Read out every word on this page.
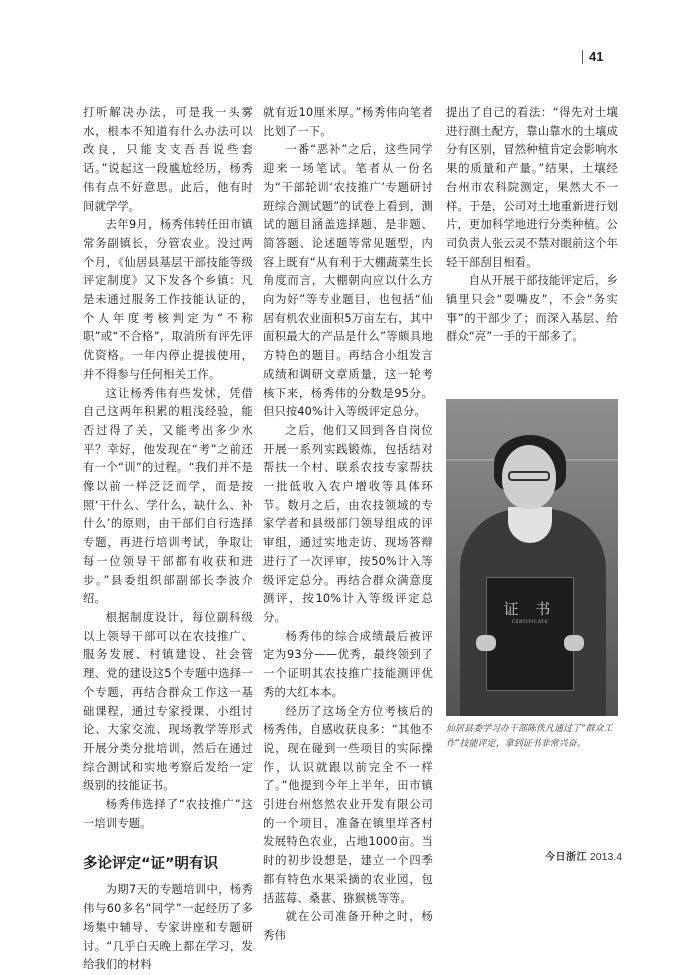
41

打听解决办法，可是我一头雾水，根本不知道有什么办法可以改良，只能支支吾吾说些套话。”说起这一段尴尬经历，杨秀伟有点不好意思。此后，他有时间就学学。

去年9月，杨秀伟转任田市镇常务副镇长，分管农业。没过两个月，《仙居县基层干部技能等级评定制度》又下发各个乡镇：凡是未通过服务工作技能认证的，个人年度考核判定为“不称职”或“不合格”，取消所有评先评优资格。一年内停止提拔使用，并不得参与任何相关工作。

这让杨秀伟有些发怵，凭借自己这两年积累的粗浅经验，能否过得了关，又能考出多少水平？幸好，他发现在“考”之前还有一个“训”的过程。“我们并不是像以前一样泛泛而学，而是按照‘干什么、学什么，缺什么、补什么’的原则，由干部们自行选择专题，再进行培训考试，争取让每一位领导干部都有收获和进步。”县委组织部副部长李波介绍。

根据制度设计，每位副科级以上领导干部可以在农技推广、服务发展、村镇建设、社会管理、党的建设这5个专题中选择一个专题，再结合群众工作这一基础课程，通过专家授课、小组讨论、大家交流、现场教学等形式开展分类分批培训，然后在通过综合测试和实地考察后发给一定级别的技能证书。

杨秀伟选择了“农技推广”这一培训专题。

多论评定“证”明有识

为期7天的专题培训中，杨秀伟与60多名“同学”一起经历了多场集中辅导、专家讲座和专题研讨。“几乎白天晚上都在学习，发给我们的材料

就有近10厘米厚。”杨秀伟向笔者比划了一下。

一番“恶补”之后，这些同学迎来一场笔试。笔者从一份名为“干部轮训‘农技推广’专题研讨班综合测试题”的试卷上看到，测试的题目涵盖选择题、是非题、简答题、论述题等常见题型，内容上既有“从有利于大棚蔬菜生长角度而言，大棚朝向应以什么方向为好”等专业题目，也包括“仙居有机农业面积5万亩左右，其中面积最大的产品是什么”等颇具地方特色的题目。再结合小组发言成绩和调研文章质量，这一轮考核下来，杨秀伟的分数是95分。但只按40%计入等级评定总分。

之后，他们又回到各自岗位开展一系列实践锻炼，包括结对帮扶一个村、联系农技专家帮扶一批低收入农户增收等具体环节。数月之后，由农技领域的专家学者和县级部门领导组成的评审组，通过实地走访、现场答辩进行了一次评审，按50%计入等级评定总分。再结合群众满意度测评，按10%计入等级评定总分。

杨秀伟的综合成绩最后被评定为93分——优秀，最终领到了一个证明其农技推广技能测评优秀的大红本本。

经历了这场全方位考核后的杨秀伟，自感收获良多：“其他不说，现在碰到一些项目的实际操作，认识就跟以前完全不一样了。”他提到今年上半年，田市镇引进台州悠然农业开发有限公司的一个项目，准备在镇里垟吝村发展特色农业，占地1000亩。当时的初步设想是，建立一个四季都有特色水果采摘的农业园，包括蓝莓、桑葚、猕猴桃等等。

就在公司准备开种之时，杨秀伟

提出了自己的看法：“得先对土壤进行测土配方，靠山靠水的土壤成分有区别，冒然种植肯定会影响水果的质量和产量。”结果，土壤经台州市农科院测定，果然大不一样。于是，公司对土地重新进行划片，更加科学地进行分类种植。公司负责人张云灵不禁对眼前这个年轻干部刮目相看。

自从开展干部技能评定后，乡镇里只会“耍嘴皮”，不会“务实事”的干部少了；而深入基层、给群众“亮”一手的干部多了。

证 书
CERTIFICATE
仙居县委学习办干部陈佚凡通过了“群众工作”技能评定，拿到证书非常兴奋。
今日浙江 2013.4
